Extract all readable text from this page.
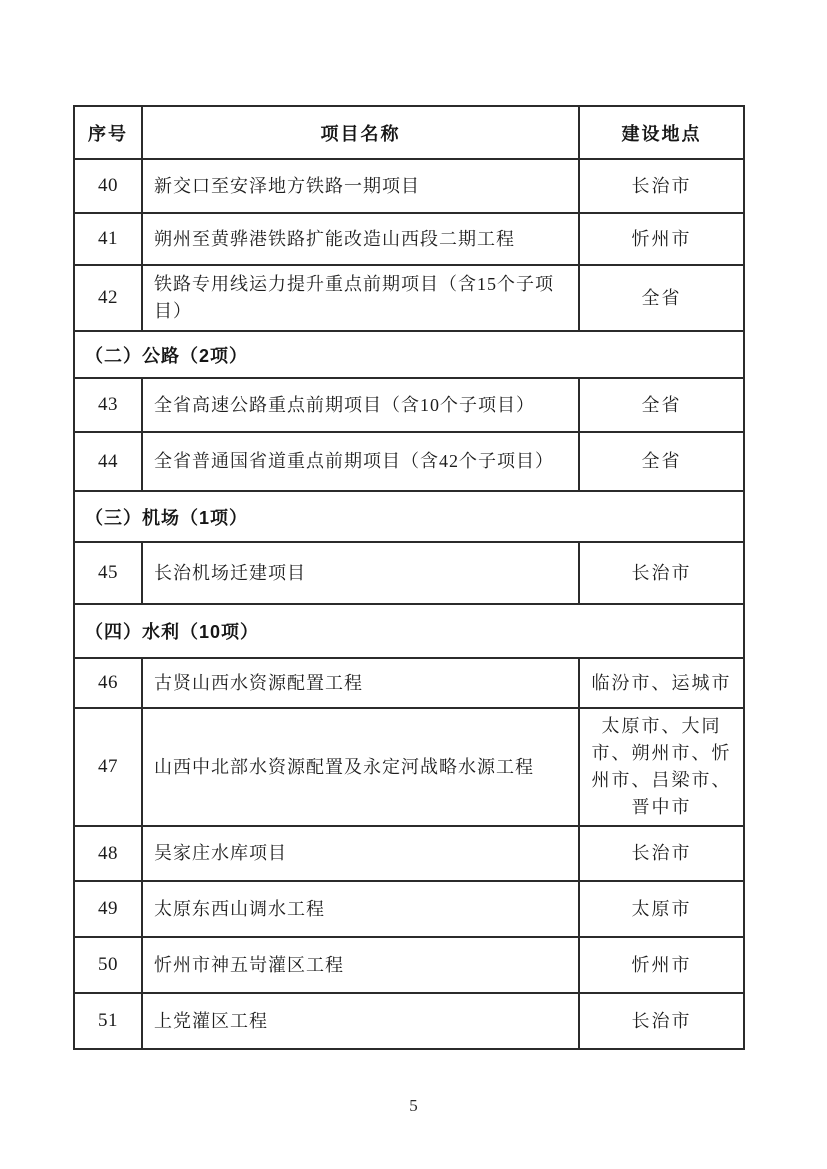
序号	项目名称	建设地点
40	新交口至安泽地方铁路一期项目	长治市
41	朔州至黄骅港铁路扩能改造山西段二期工程	忻州市
42	铁路专用线运力提升重点前期项目（含15个子项目）	全省
（二）公路（2项）		
43	全省高速公路重点前期项目（含10个子项目）	全省
44	全省普通国省道重点前期项目（含42个子项目）	全省
（三）机场（1项）		
45	长治机场迁建项目	长治市
（四）水利（10项）		
46	古贤山西水资源配置工程	临汾市、运城市
47	山西中北部水资源配置及永定河战略水源工程	太原市、大同市、朔州市、忻州市、吕梁市、晋中市
48	吴家庄水库项目	长治市
49	太原东西山调水工程	太原市
50	忻州市神五岢灌区工程	忻州市
51	上党灌区工程	长治市
5
